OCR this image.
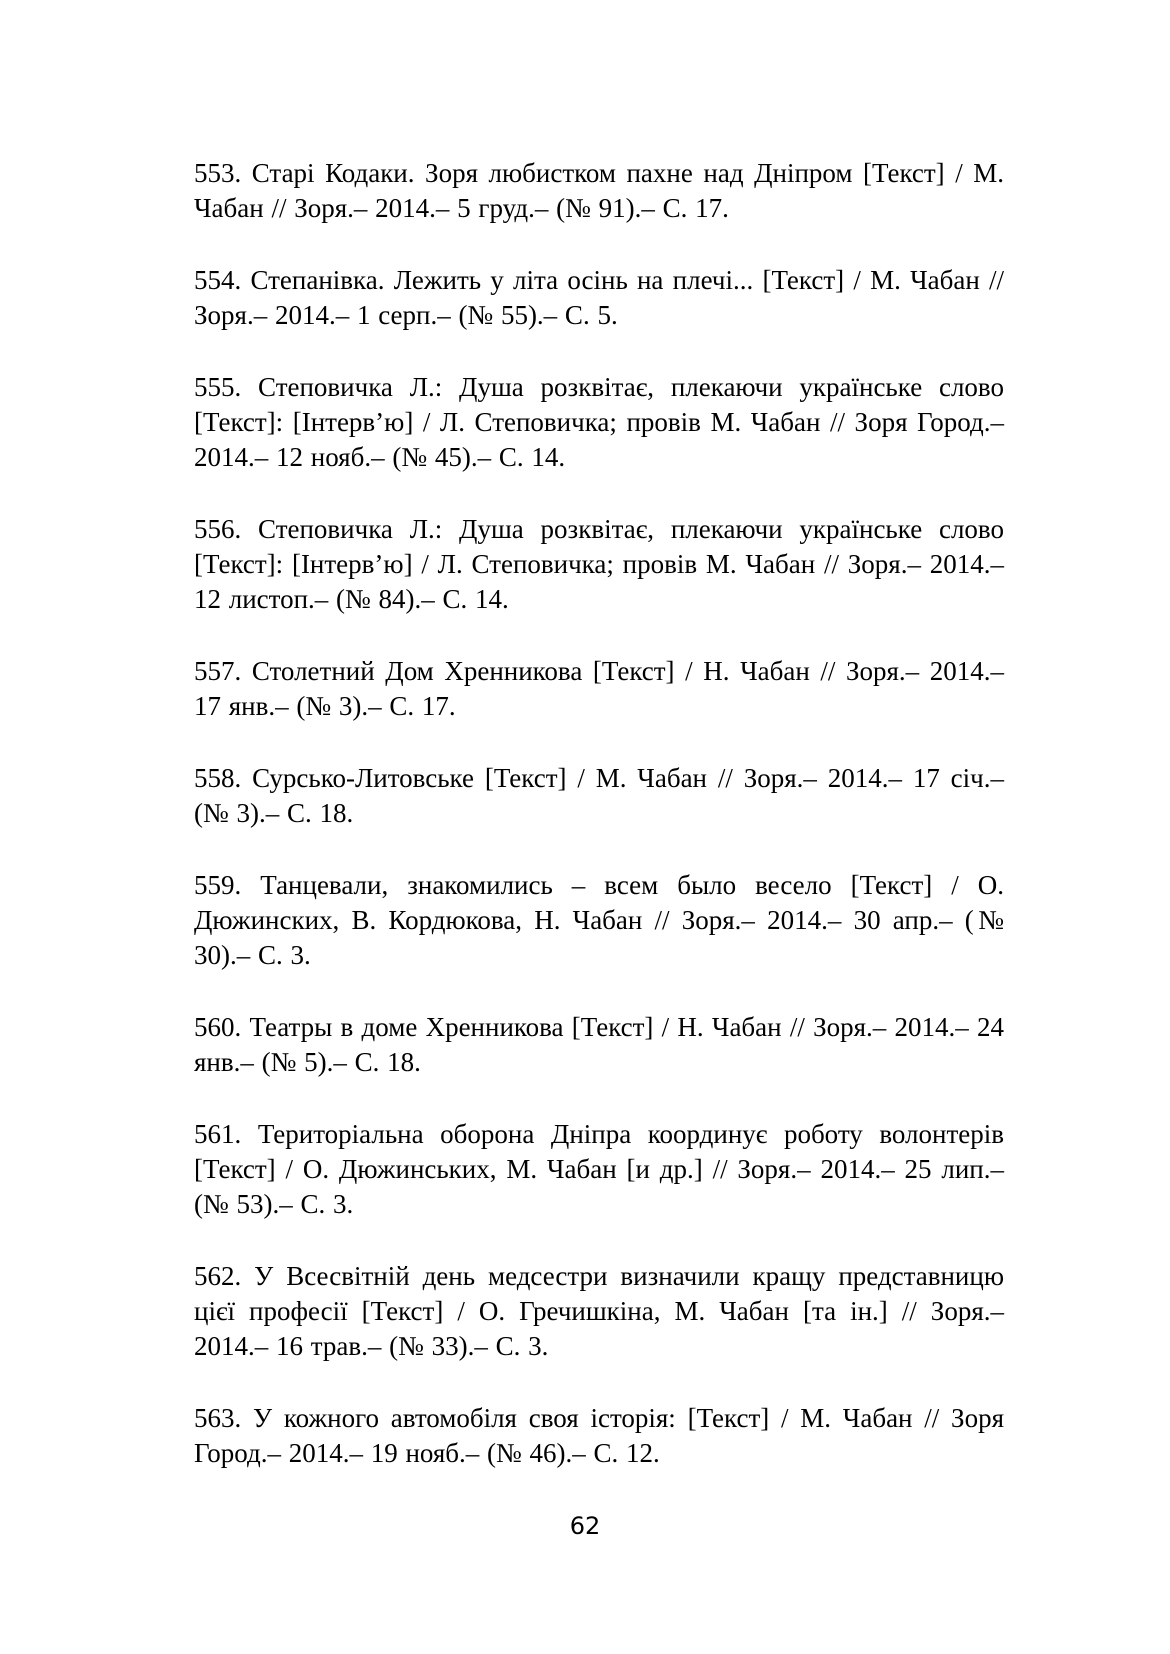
553. Старі Кодаки. Зоря любистком пахне над Дніпром [Текст] / М. Чабан // Зоря.– 2014.– 5 груд.– (№ 91).– С. 17.

554. Степанівка. Лежить у літа осінь на плечі... [Текст] / М. Чабан // Зоря.– 2014.– 1 серп.– (№ 55).– С. 5.

555. Степовичка Л.: Душа розквітає, плекаючи українське слово [Текст]: [Інтерв’ю] / Л. Степовичка; провів М. Чабан // Зоря Город.– 2014.– 12 нояб.– (№ 45).– С. 14.

556. Степовичка Л.: Душа розквітає, плекаючи українське слово [Текст]: [Інтерв’ю] / Л. Степовичка; провів М. Чабан // Зоря.– 2014.– 12 листоп.– (№ 84).– С. 14.

557. Столетний Дом Хренникова [Текст] / Н. Чабан // Зоря.– 2014.– 17 янв.– (№ 3).– С. 17.

558. Сурсько-Литовське [Текст] / М. Чабан // Зоря.– 2014.– 17 січ.– (№ 3).– С. 18.

559. Танцевали, знакомились – всем было весело [Текст] / О. Дюжинских, В. Кордюкова, Н. Чабан // Зоря.– 2014.– 30 апр.– (№ 30).– С. 3.

560. Театры в доме Хренникова [Текст] / Н. Чабан // Зоря.– 2014.– 24 янв.– (№ 5).– С. 18.

561. Територіальна оборона Дніпра координує роботу волонтерів [Текст] / О. Дюжинських, М. Чабан [и др.] // Зоря.– 2014.– 25 лип.– (№ 53).– С. 3.

562. У Всесвітній день медсестри визначили кращу представницю цієї професії [Текст] / О. Гречишкіна, М. Чабан [та ін.] // Зоря.– 2014.– 16 трав.– (№ 33).– С. 3.

563. У кожного автомобіля своя історія: [Текст] / М. Чабан // Зоря Город.– 2014.– 19 нояб.– (№ 46).– С. 12.

62
